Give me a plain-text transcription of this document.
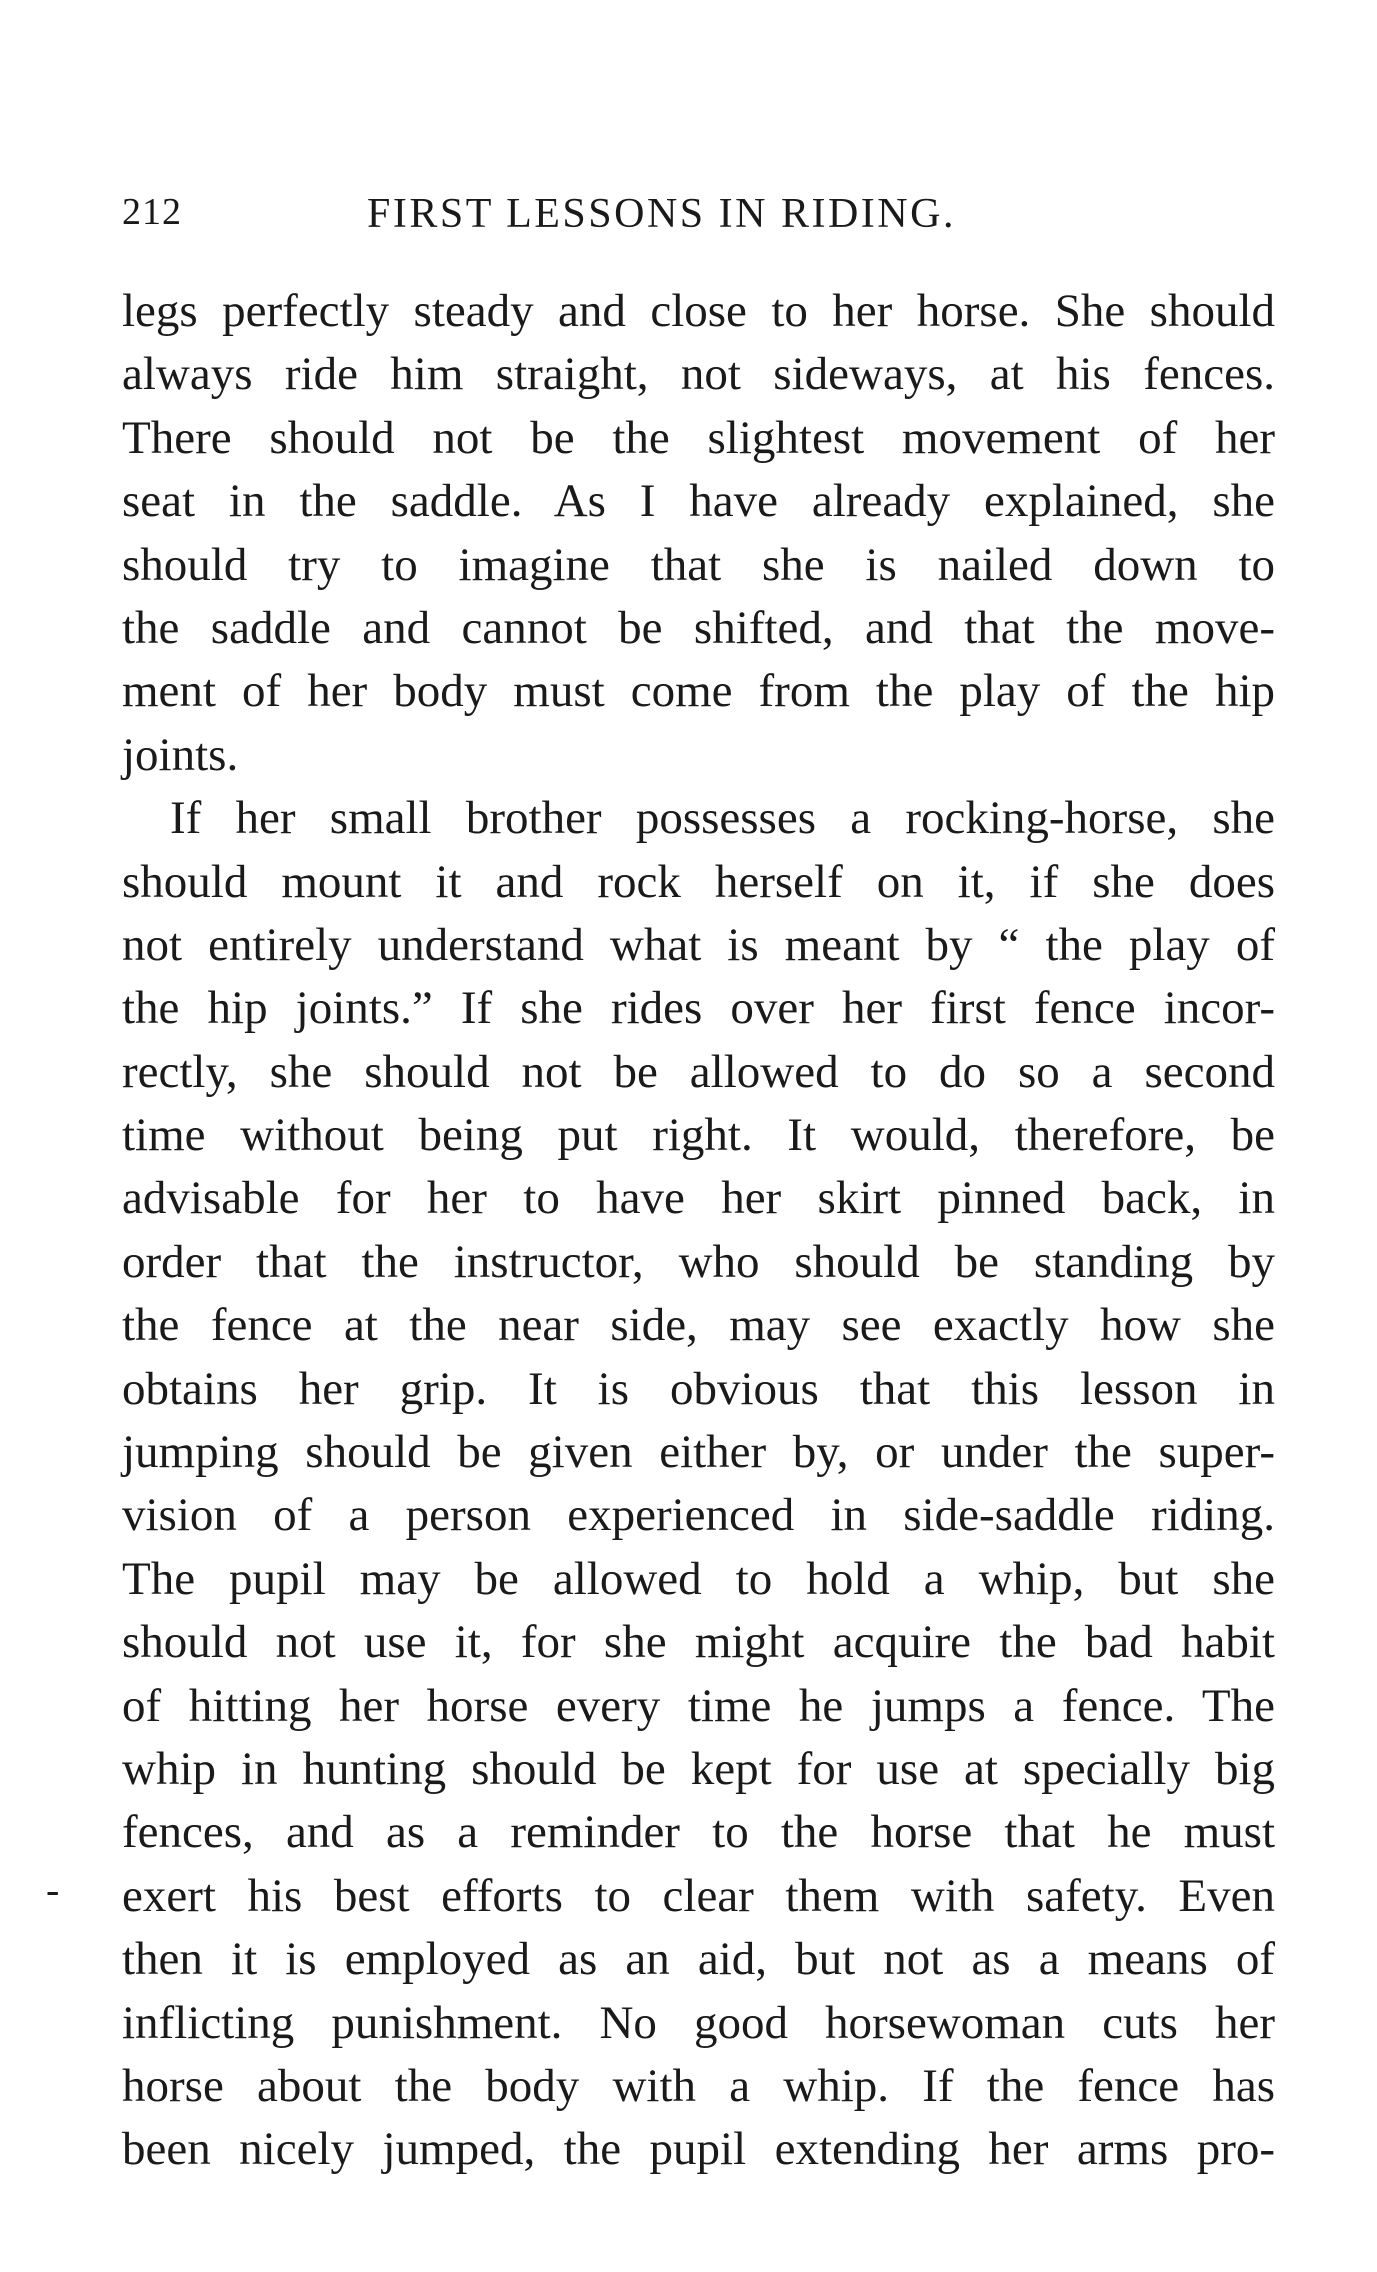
212	FIRST LESSONS IN RIDING.
legs perfectly steady and close to her horse. She should
always ride him straight, not sideways, at his fences.
There should not be the slightest movement of her
seat in the saddle. As I have already explained, she
should try to imagine that she is nailed down to
the saddle and cannot be shifted, and that the move-
ment of her body must come from the play of the hip
joints.
If her small brother possesses a rocking-horse, she
should mount it and rock herself on it, if she does
not entirely understand what is meant by “ the play of
the hip joints.” If she rides over her first fence incor-
rectly, she should not be allowed to do so a second
time without being put right. It would, therefore, be
advisable for her to have her skirt pinned back, in
order that the instructor, who should be standing by
the fence at the near side, may see exactly how she
obtains her grip. It is obvious that this lesson in
jumping should be given either by, or under the super-
vision of a person experienced in side-saddle riding.
The pupil may be allowed to hold a whip, but she
should not use it, for she might acquire the bad habit
of hitting her horse every time he jumps a fence. The
whip in hunting should be kept for use at specially big
fences, and as a reminder to the horse that he must
exert his best efforts to clear them with safety. Even
then it is employed as an aid, but not as a means of
inflicting punishment. No good horsewoman cuts her
horse about the body with a whip. If the fence has
been nicely jumped, the pupil extending her arms pro-
-
